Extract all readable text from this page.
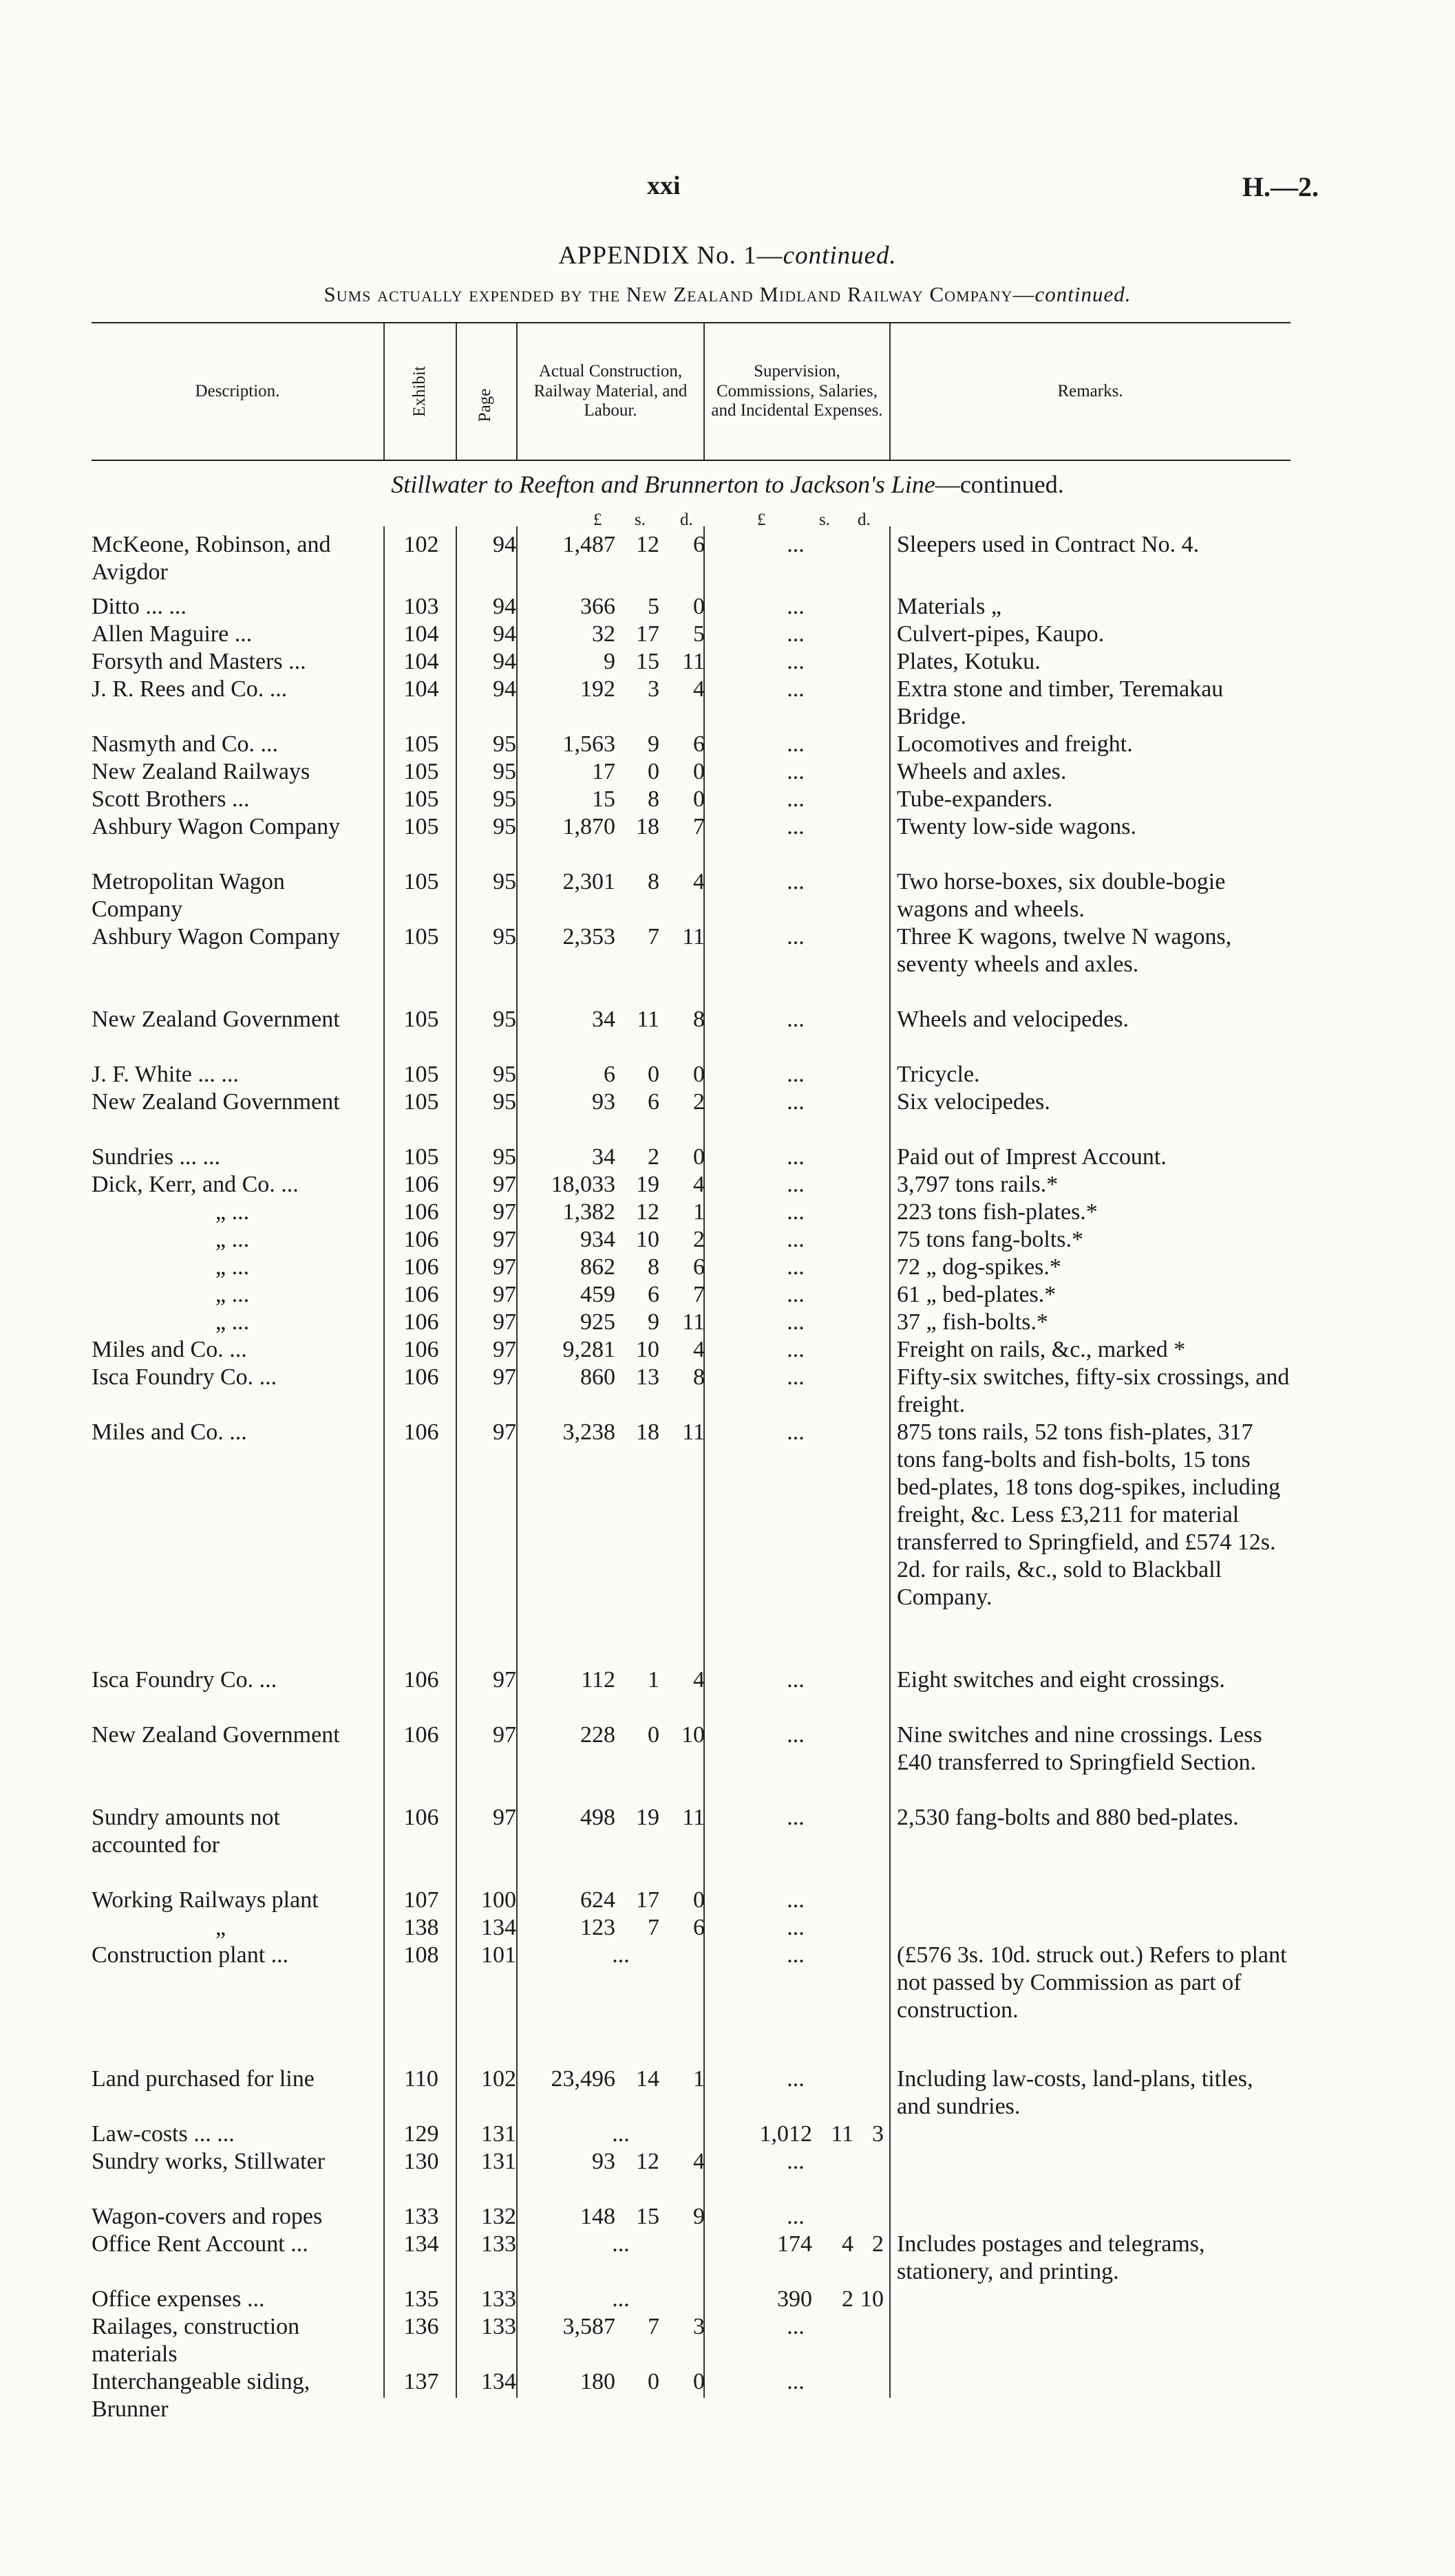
xxi	H.—2.
APPENDIX No. 1—continued.
Sums actually expended by the New Zealand Midland Railway Company—continued.
Description.	Exhibit	Page
Actual Construction, Railway Material, and Labour.
Supervision, Commissions, Salaries, and Incidental Expenses.
Remarks.
Stillwater to Reefton and Brunnerton to Jackson's Line—continued.
£ s. d.	£	s. d.
McKeone, Robinson, and Avigdor
102	94	1,487 12	6	...	Sleepers used in Contract No. 4.
Ditto ... ...	103	94	366	5	0	...	Materials „
Allen Maguire ...	104	94	32 17	5	...	Culvert-pipes, Kaupo.
Forsyth and Masters ...	104	94	9 15 11	...	Plates, Kotuku.
J. R. Rees and Co. ...	104	94	192	3	4	...	Extra stone and timber, Teremakau Bridge.
Nasmyth and Co. ...	105	95	1,563	9	6	...	Locomotives and freight.
New Zealand Railways	105	95	17	0	0	...	Wheels and axles.
Scott Brothers ...	105	95	15	8	0	...	Tube-expanders.
Ashbury Wagon Company	105	95	1,870 18	7	...	Twenty low-side wagons.
Metropolitan Wagon Company
105	95	2,301	8	4	...	Two horse-boxes, six double-bogie wagons and wheels.
Ashbury Wagon Company	105	95	2,353	7 11	...	Three K wagons, twelve N wagons, seventy wheels and axles.
New Zealand Government	105	95	34 11	8	...	Wheels and velocipedes.
J. F. White ... ...	105	95	6	0	0	...	Tricycle.
New Zealand Government	105	95	93	6	2	...	Six velocipedes.
Sundries ... ...	105	95	34	2	0	...	Paid out of Imprest Account.
Dick, Kerr, and Co. ...	106	97	18,033 19	4	...	3,797 tons rails.*
„ ...	106	97	1,382 12	1	...	223 tons fish-plates.*
„ ...	106	97	934 10	2	...	75 tons fang-bolts.*
„ ...	106	97	862	8	6	...	72 „ dog-spikes.*
„ ...	106	97	459	6	7	...	61 „ bed-plates.*
„ ...	106	97	925	9 11	...	37 „ fish-bolts.*
Miles and Co. ...	106	97	9,281 10	4	...	Freight on rails, &c., marked *
Isca Foundry Co. ...	106	97	860 13	8	...	Fifty-six switches, fifty-six crossings, and freight.
Miles and Co. ...	106	97	3,238 18 11	...	875 tons rails, 52 tons fish-plates, 317 tons fang-bolts and fish-bolts, 15 tons bed-plates, 18 tons dog-spikes, including freight, &c. Less £3,211 for material transferred to Springfield, and £574 12s. 2d. for rails, &c., sold to Blackball Company.
Isca Foundry Co. ...	106	97	112	1	4	...	Eight switches and eight crossings.
New Zealand Government	106	97	228	0 10	...	Nine switches and nine crossings. Less £40 transferred to Springfield Section.
Sundry amounts not accounted for
106	97	498 19 11	...	2,530 fang-bolts and 880 bed-plates.
Working Railways plant	107	100	624 17	0	...
„	138	134	123	7	6	...
Construction plant ...	108	101	...	...	(£576 3s. 10d. struck out.) Refers to plant not passed by Commission as part of construction.
Land purchased for line	110	102	23,496 14	1	...	Including law-costs, land-plans, titles, and sundries.
Law-costs ... ...	129	131	...	1,012 11 3
Sundry works, Stillwater	130	131	93 12	4	...
Wagon-covers and ropes	133	132	148 15	9	...
Office Rent Account ...	134	133	...	174	4 2 Includes postages and telegrams, stationery, and printing.
Office expenses ...	135	133	...	390	2 10
Railages, construction materials
136	133	3,587	7	3	...
Interchangeable siding, Brunner
137	134	180	0	0	...
